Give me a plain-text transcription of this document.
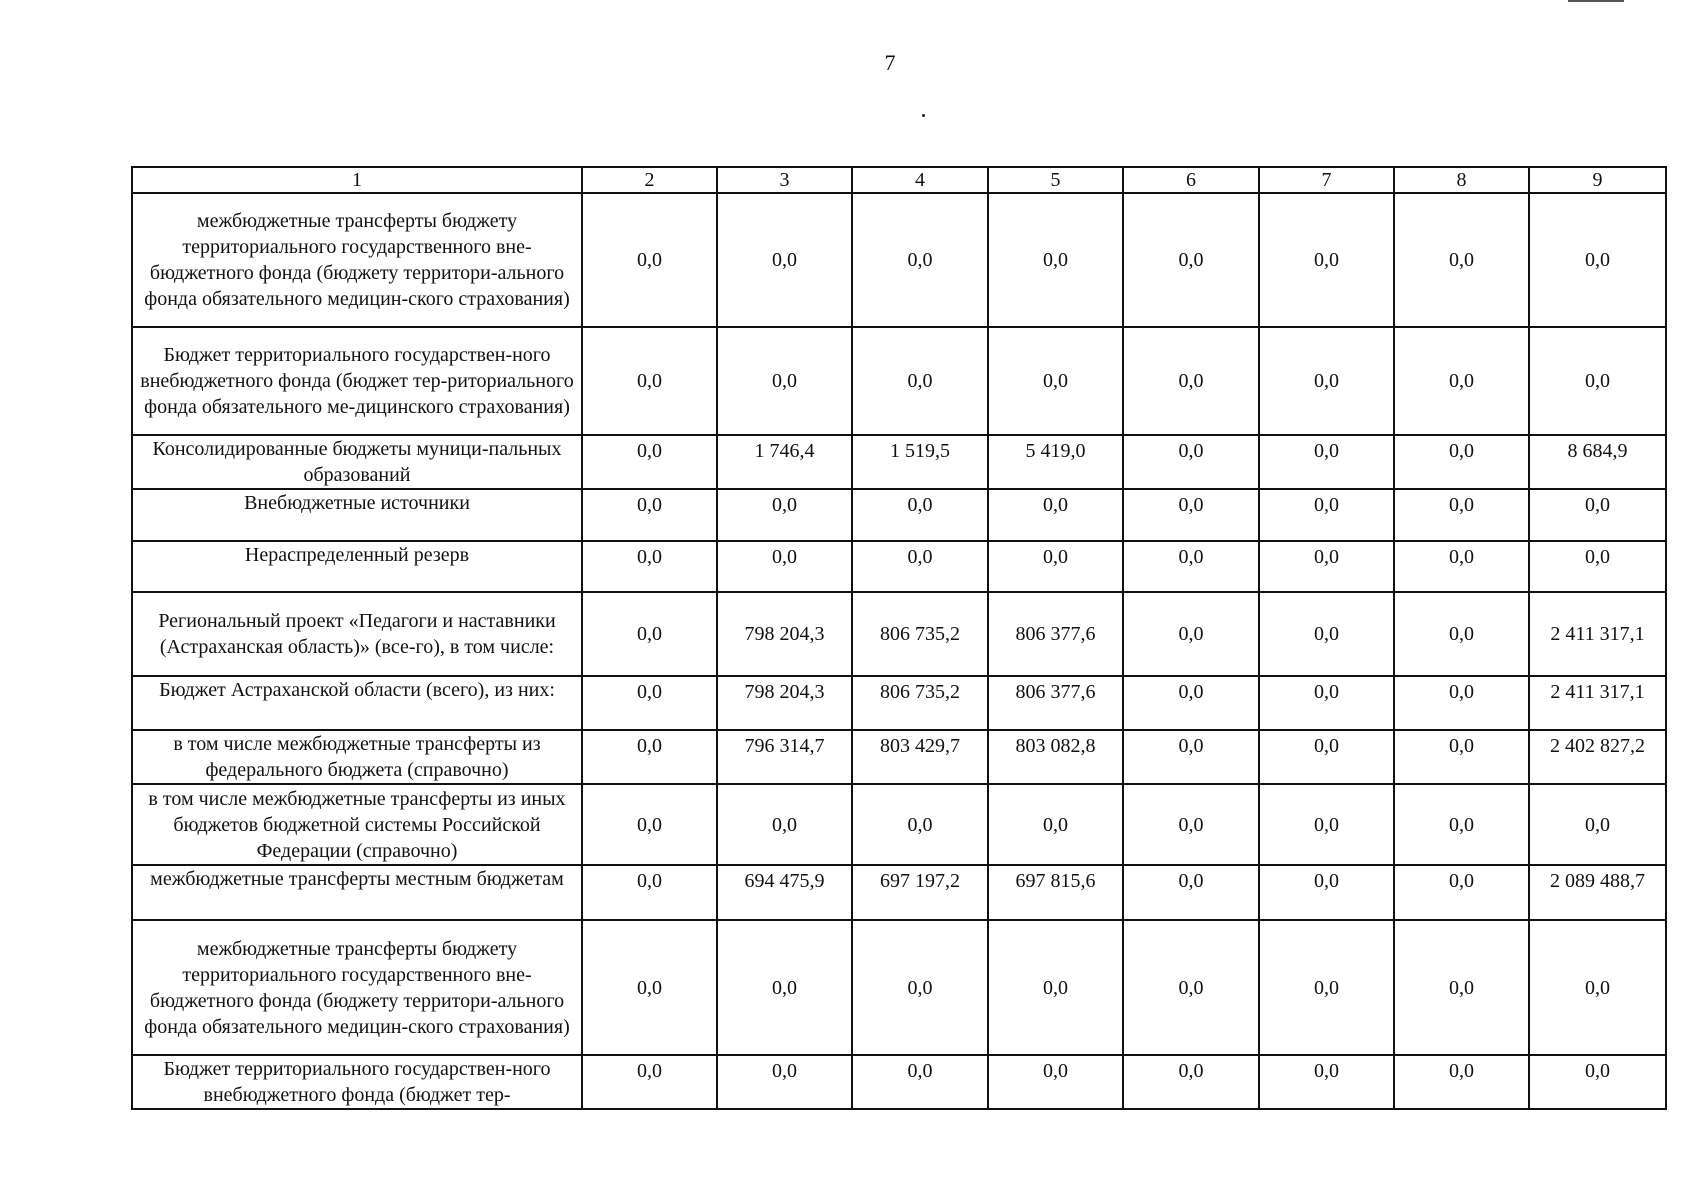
7
1	2	3	4	5	6	7	8	9
межбюджетные трансферты бюджету территориального государственного вне-бюджетного фонда (бюджету территори-ального фонда обязательного медицин-ского страхования)	0,0	0,0	0,0	0,0	0,0	0,0	0,0	0,0
Бюджет территориального государствен-ного внебюджетного фонда (бюджет тер-риториального фонда обязательного ме-дицинского страхования)	0,0	0,0	0,0	0,0	0,0	0,0	0,0	0,0
Консолидированные бюджеты муници-пальных образований	0,0	1 746,4	1 519,5	5 419,0	0,0	0,0	0,0	8 684,9
Внебюджетные источники	0,0	0,0	0,0	0,0	0,0	0,0	0,0	0,0
Нераспределенный резерв	0,0	0,0	0,0	0,0	0,0	0,0	0,0	0,0
Региональный проект «Педагоги и наставники (Астраханская область)» (все-го), в том числе:	0,0	798 204,3	806 735,2	806 377,6	0,0	0,0	0,0	2 411 317,1
Бюджет Астраханской области (всего), из них:	0,0	798 204,3	806 735,2	806 377,6	0,0	0,0	0,0	2 411 317,1
в том числе межбюджетные трансферты из федерального бюджета (справочно)	0,0	796 314,7	803 429,7	803 082,8	0,0	0,0	0,0	2 402 827,2
в том числе межбюджетные трансферты из иных бюджетов бюджетной системы Российской Федерации (справочно)	0,0	0,0	0,0	0,0	0,0	0,0	0,0	0,0
межбюджетные трансферты местным бюджетам	0,0	694 475,9	697 197,2	697 815,6	0,0	0,0	0,0	2 089 488,7
межбюджетные трансферты бюджету территориального государственного вне-бюджетного фонда (бюджету территори-ального фонда обязательного медицин-ского страхования)	0,0	0,0	0,0	0,0	0,0	0,0	0,0	0,0
Бюджет территориального государствен-ного внебюджетного фонда (бюджет тер-	0,0	0,0	0,0	0,0	0,0	0,0	0,0	0,0
